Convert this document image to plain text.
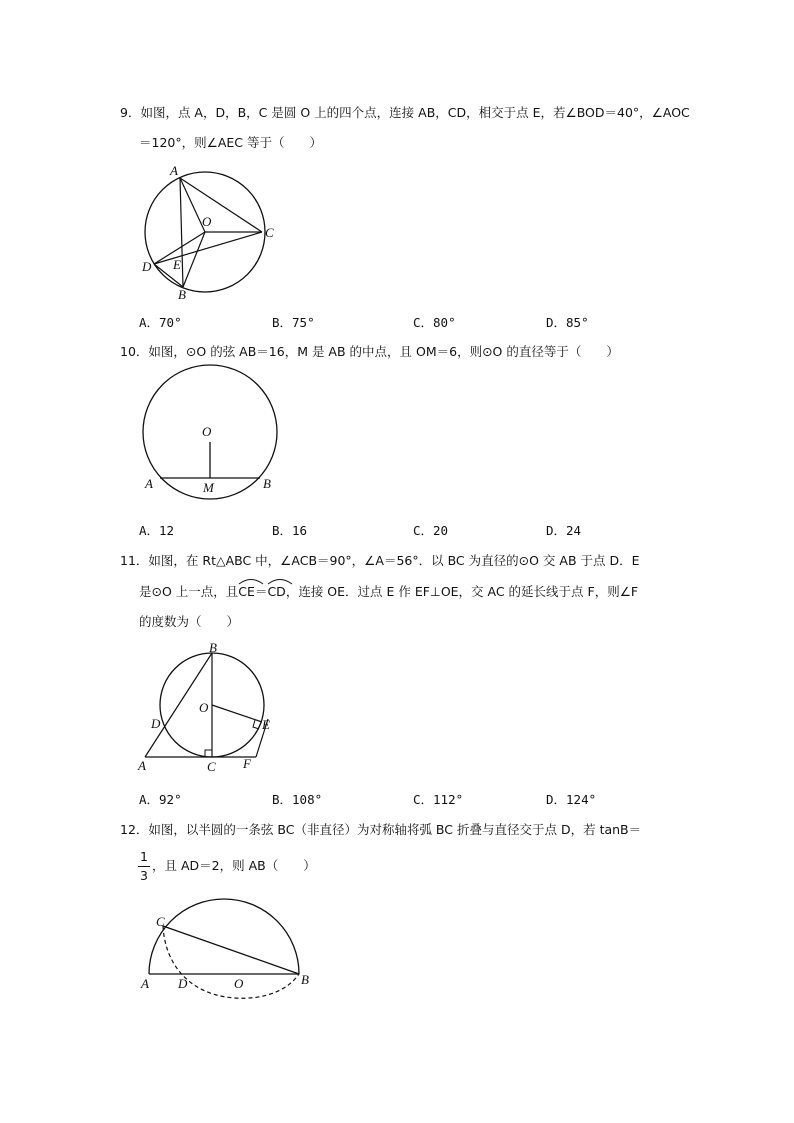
9．如图，点 A，D，B，C 是圆 O 上的四个点，连接 AB，CD，相交于点 E，若∠BOD＝40°，∠AOC
＝120°，则∠AEC 等于（　　）
A
O
C
D E
B
A．70°	B．75°	C．80°	D．85°
10．如图，⊙O 的弦 AB＝16，M 是 AB 的中点，且 OM＝6，则⊙O 的直径等于（　　）
O
A	M	B
A．12	B．16	C．20	D．24
11．如图，在 Rt△ABC 中，∠ACB＝90°，∠A＝56°．以 BC 为直径的⊙O 交 AB 于点 D．E
是⊙O 上一点，且
CE＝
CD，连接 OE．过点 E 作 EF⊥OE，交 AC 的延长线于点 F，则∠F
的度数为（　　）
B
O
D	E
A	C F
A．92°	B．108°	C．112°	D．124°
12．如图，以半圆的一条弦 BC（非直径）为对称轴将弧 BC 折叠与直径交于点 D，若 tanB＝
1
3
，且 AD＝2，则 AB（　　）
C
A D	O	B
